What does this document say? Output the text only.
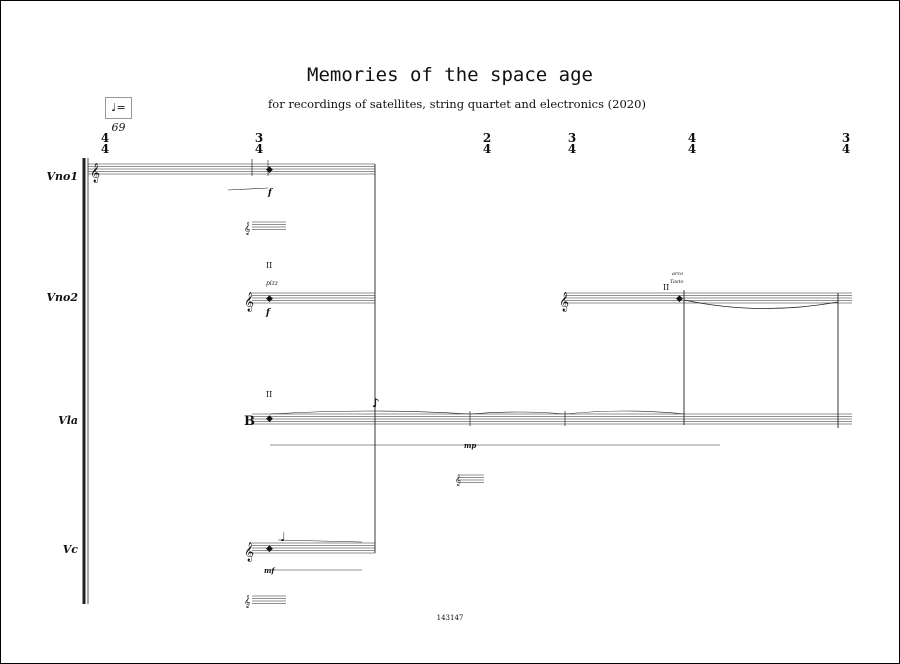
Memories of the space age
for recordings of satellites, string quartet and electronics (2020)
♩= 69
4
4
3
4
2
4
3
4
4
4
3
4
Vno1
Vno2
Vla
Vc
𝄞
𝄞
𝄞	𝄞
B
𝄞
𝄞
𝄞
◆
◆
◆
◆
♪
♩
◆
II
II
II
f
f
mp
mf
pizz
arco
Tasto
143147
